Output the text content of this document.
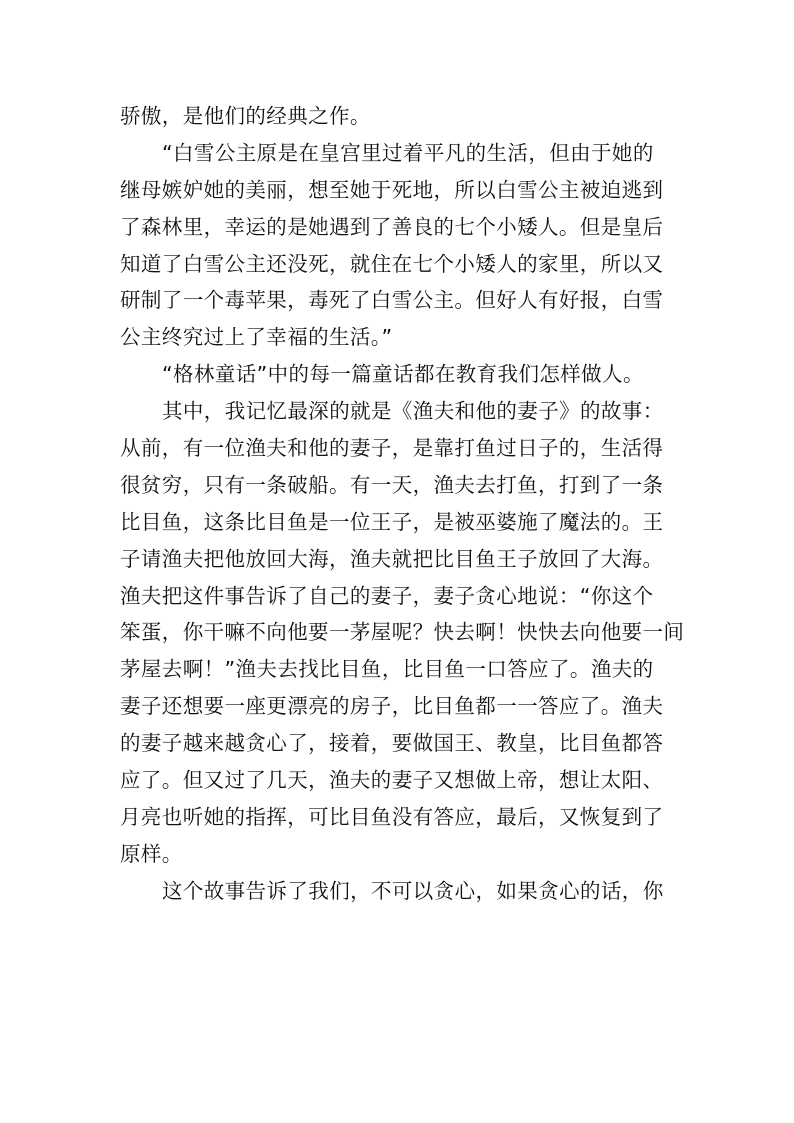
骄傲，是他们的经典之作。
“白雪公主原是在皇宫里过着平凡的生活，但由于她的
继母嫉妒她的美丽，想至她于死地，所以白雪公主被迫逃到
了森林里，幸运的是她遇到了善良的七个小矮人。但是皇后
知道了白雪公主还没死，就住在七个小矮人的家里，所以又
研制了一个毒苹果，毒死了白雪公主。但好人有好报，白雪
公主终究过上了幸福的生活。”
“格林童话”中的每一篇童话都在教育我们怎样做人。
其中，我记忆最深的就是《渔夫和他的妻子》的故事：
从前，有一位渔夫和他的妻子，是靠打鱼过日子的，生活得
很贫穷，只有一条破船。有一天，渔夫去打鱼，打到了一条
比目鱼，这条比目鱼是一位王子，是被巫婆施了魔法的。王
子请渔夫把他放回大海，渔夫就把比目鱼王子放回了大海。
渔夫把这件事告诉了自己的妻子，妻子贪心地说：“你这个
笨蛋，你干嘛不向他要一茅屋呢？快去啊！快快去向他要一间
茅屋去啊！”渔夫去找比目鱼，比目鱼一口答应了。渔夫的
妻子还想要一座更漂亮的房子，比目鱼都一一答应了。渔夫
的妻子越来越贪心了，接着，要做国王、教皇，比目鱼都答
应了。但又过了几天，渔夫的妻子又想做上帝，想让太阳、
月亮也听她的指挥，可比目鱼没有答应，最后，又恢复到了
原样。
这个故事告诉了我们，不可以贪心，如果贪心的话，你
